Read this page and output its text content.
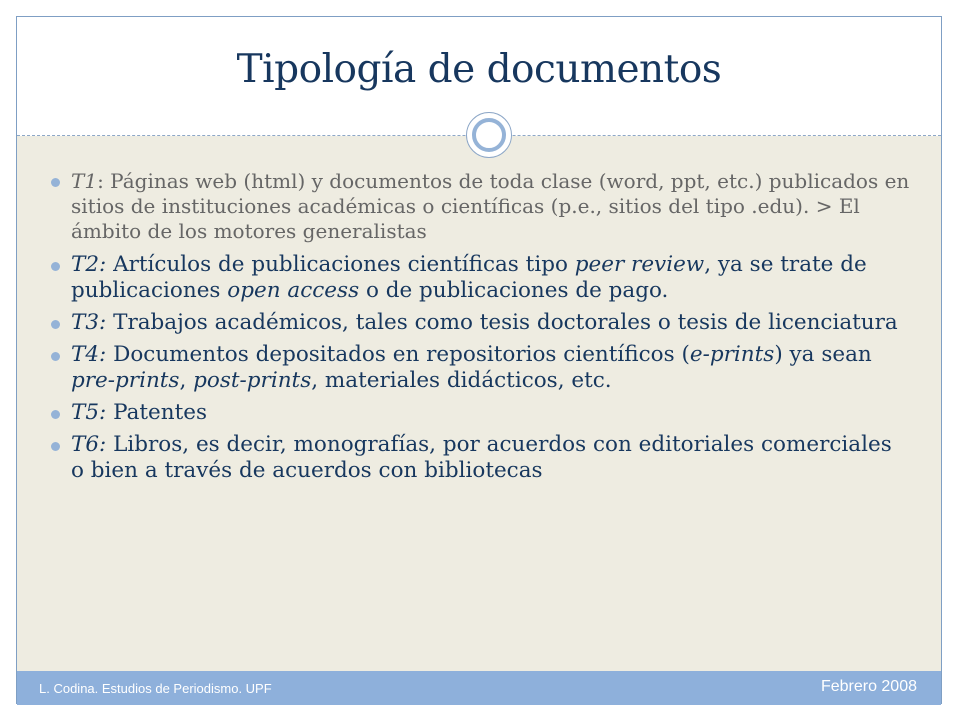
Tipología de documentos
T1: Páginas web (html) y documentos de toda clase (word, ppt, etc.) publicados en sitios de instituciones académicas o científicas (p.e., sitios del tipo .edu). > El ámbito de los motores generalistas
T2: Artículos de publicaciones científicas tipo peer review, ya se trate de publicaciones open access o de publicaciones de pago.
T3: Trabajos académicos, tales como tesis doctorales o tesis de licenciatura
T4: Documentos depositados en repositorios científicos (e-prints) ya sean pre-prints, post-prints, materiales didácticos, etc.
T5: Patentes
T6: Libros, es decir, monografías, por acuerdos con editoriales comerciales o bien a través de acuerdos con bibliotecas
L. Codina. Estudios de Periodismo. UPF	Febrero 2008
